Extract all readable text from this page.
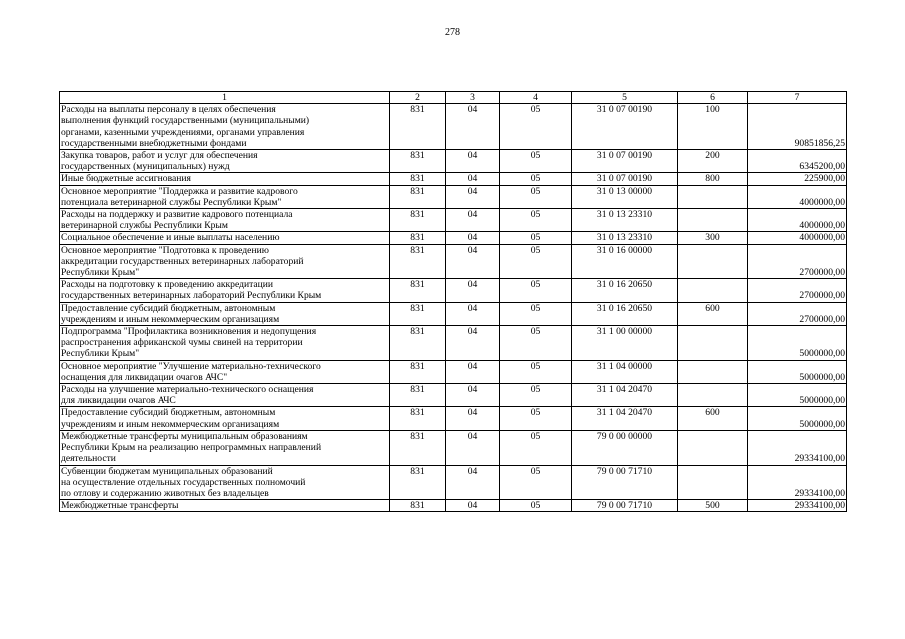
278
1	2	3	4	5	6	7
Расходы на выплаты персоналу в целях обеспечения
выполнения функций государственными (муниципальными)
органами, казенными учреждениями, органами управления
государственными внебюджетными фондами	831	04	05	31 0 07 00190	100	90851856,25
Закупка товаров, работ и услуг для обеспечения
государственных (муниципальных) нужд	831	04	05	31 0 07 00190	200	6345200,00
Иные бюджетные ассигнования	831	04	05	31 0 07 00190	800	225900,00
Основное мероприятие "Поддержка и развитие кадрового
потенциала ветеринарной службы Республики Крым"	831	04	05	31 0 13 00000		4000000,00
Расходы на поддержку и развитие кадрового потенциала
ветеринарной службы Республики Крым	831	04	05	31 0 13 23310		4000000,00
Социальное обеспечение и иные выплаты населению	831	04	05	31 0 13 23310	300	4000000,00
Основное мероприятие "Подготовка к проведению
аккредитации государственных ветеринарных лабораторий
Республики Крым"	831	04	05	31 0 16 00000		2700000,00
Расходы на подготовку к проведению аккредитации
государственных ветеринарных лабораторий Республики Крым	831	04	05	31 0 16 20650		2700000,00
Предоставление субсидий бюджетным, автономным
учреждениям и иным некоммерческим организациям	831	04	05	31 0 16 20650	600	2700000,00
Подпрограмма "Профилактика возникновения и недопущения
распространения африканской чумы свиней на территории
Республики Крым"	831	04	05	31 1 00 00000		5000000,00
Основное мероприятие "Улучшение материально-технического
оснащения для ликвидации очагов АЧС"	831	04	05	31 1 04 00000		5000000,00
Расходы на улучшение материально-технического оснащения
для ликвидации очагов АЧС	831	04	05	31 1 04 20470		5000000,00
Предоставление субсидий бюджетным, автономным
учреждениям и иным некоммерческим организациям	831	04	05	31 1 04 20470	600	5000000,00
Межбюджетные трансферты муниципальным образованиям
Республики Крым на реализацию непрограммных направлений
деятельности	831	04	05	79 0 00 00000		29334100,00
Субвенции бюджетам муниципальных образований
на осуществление отдельных государственных полномочий
по отлову и содержанию животных без владельцев	831	04	05	79 0 00 71710		29334100,00
Межбюджетные трансферты	831	04	05	79 0 00 71710	500	29334100,00
